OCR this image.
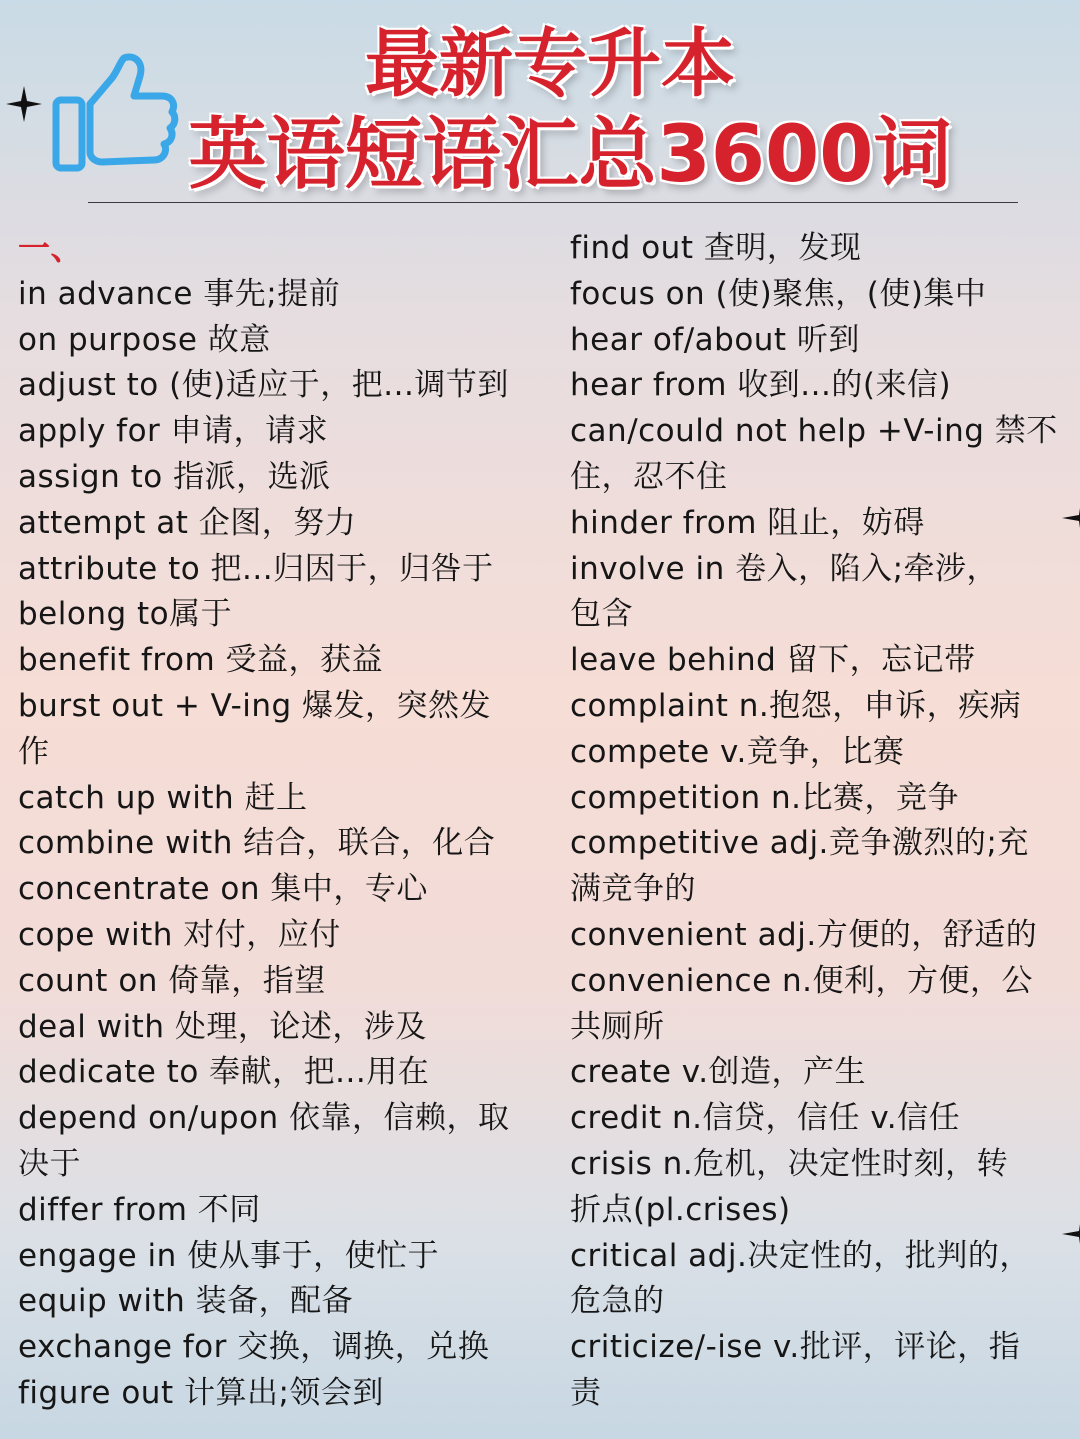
最新专升本
英语短语汇总3600词
一、
in advance 事先;提前
on purpose 故意
adjust to (使)适应于，把...调节到
apply for 申请，请求
assign to 指派，选派
attempt at 企图，努力
attribute to 把...归因于，归咎于
belong to属于
benefit from 受益，获益
burst out + V-ing 爆发，突然发
作
catch up with 赶上
combine with 结合，联合，化合
concentrate on 集中，专心
cope with 对付，应付
count on 倚靠，指望
deal with 处理，论述，涉及
dedicate to 奉献，把...用在
depend on/upon 依靠，信赖，取
决于
differ from 不同
engage in 使从事于，使忙于
equip with 装备，配备
exchange for 交换，调换，兑换
figure out 计算出;领会到
find out 查明，发现
focus on (使)聚焦，(使)集中
hear of/about 听到
hear from 收到...的(来信)
can/could not help +V-ing 禁不
住，忍不住
hinder from 阻止，妨碍
involve in 卷入，陷入;牵涉，
包含
leave behind 留下，忘记带
complaint n.抱怨，申诉，疾病
compete v.竞争，比赛
competition n.比赛，竞争
competitive adj.竞争激烈的;充
满竞争的
convenient adj.方便的，舒适的
convenience n.便利，方便，公
共厕所
create v.创造，产生
credit n.信贷，信任 v.信任
crisis n.危机，决定性时刻，转
折点(pl.crises)
critical adj.决定性的，批判的，
危急的
criticize/-ise v.批评，评论，指
责
